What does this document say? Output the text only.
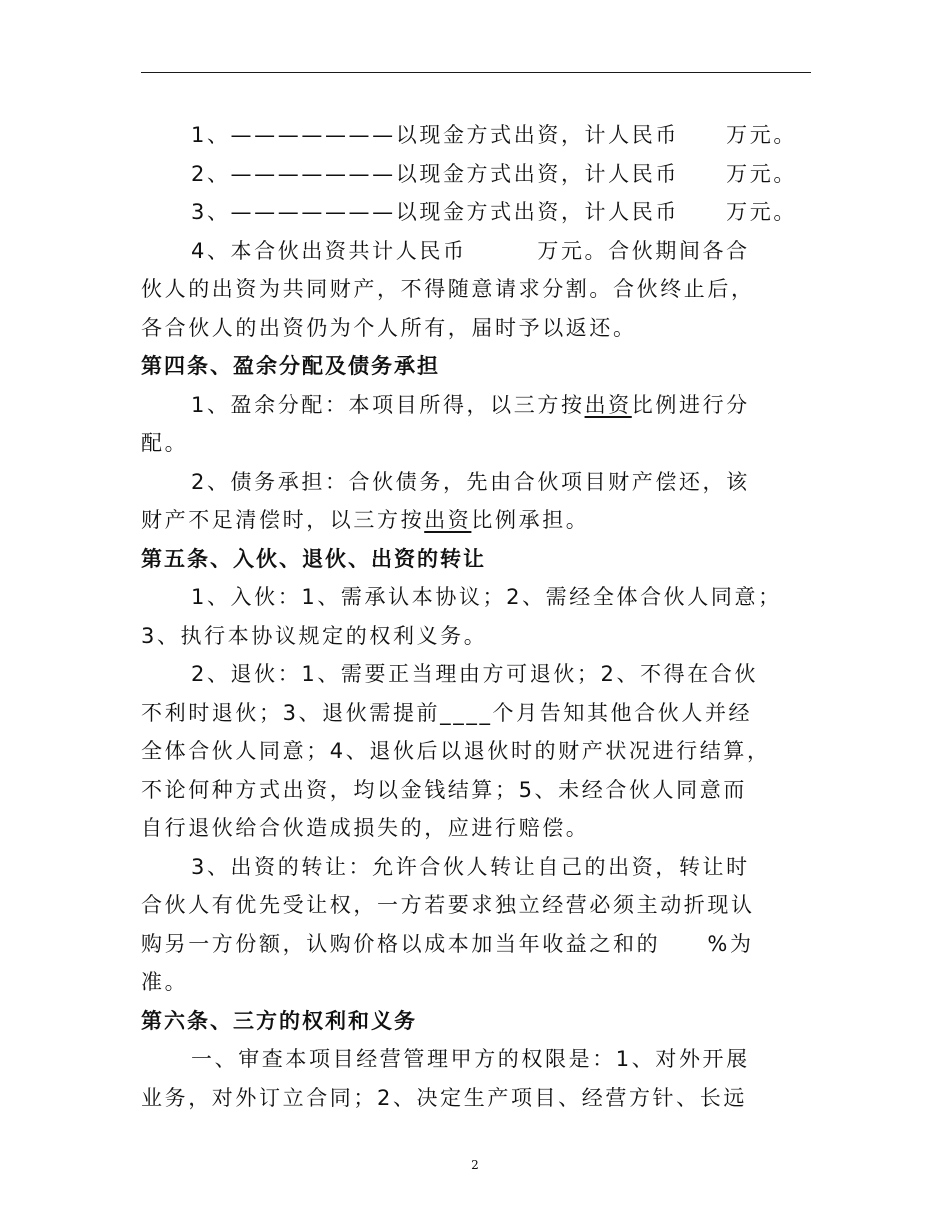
1、———————以现金方式出资，计人民币　　万元。
2、———————以现金方式出资，计人民币　　万元。
3、———————以现金方式出资，计人民币　　万元。
4、本合伙出资共计人民币　　　万元。合伙期间各合
伙人的出资为共同财产，不得随意请求分割。合伙终止后，
各合伙人的出资仍为个人所有，届时予以返还。
第四条、盈余分配及债务承担
1、盈余分配：本项目所得，以三方按出资比例进行分
配。
2、债务承担：合伙债务，先由合伙项目财产偿还，该
财产不足清偿时，以三方按出资比例承担。
第五条、入伙、退伙、出资的转让
1、入伙：1、需承认本协议；2、需经全体合伙人同意；
3、执行本协议规定的权利义务。
2、退伙：1、需要正当理由方可退伙；2、不得在合伙
不利时退伙；3、退伙需提前____个月告知其他合伙人并经
全体合伙人同意；4、退伙后以退伙时的财产状况进行结算，
不论何种方式出资，均以金钱结算；5、未经合伙人同意而
自行退伙给合伙造成损失的，应进行赔偿。
3、出资的转让：允许合伙人转让自己的出资，转让时
合伙人有优先受让权，一方若要求独立经营必须主动折现认
购另一方份额，认购价格以成本加当年收益之和的　　%为
准。
第六条、三方的权利和义务
一、审查本项目经营管理甲方的权限是：1、对外开展
业务，对外订立合同；2、决定生产项目、经营方针、长远
2
